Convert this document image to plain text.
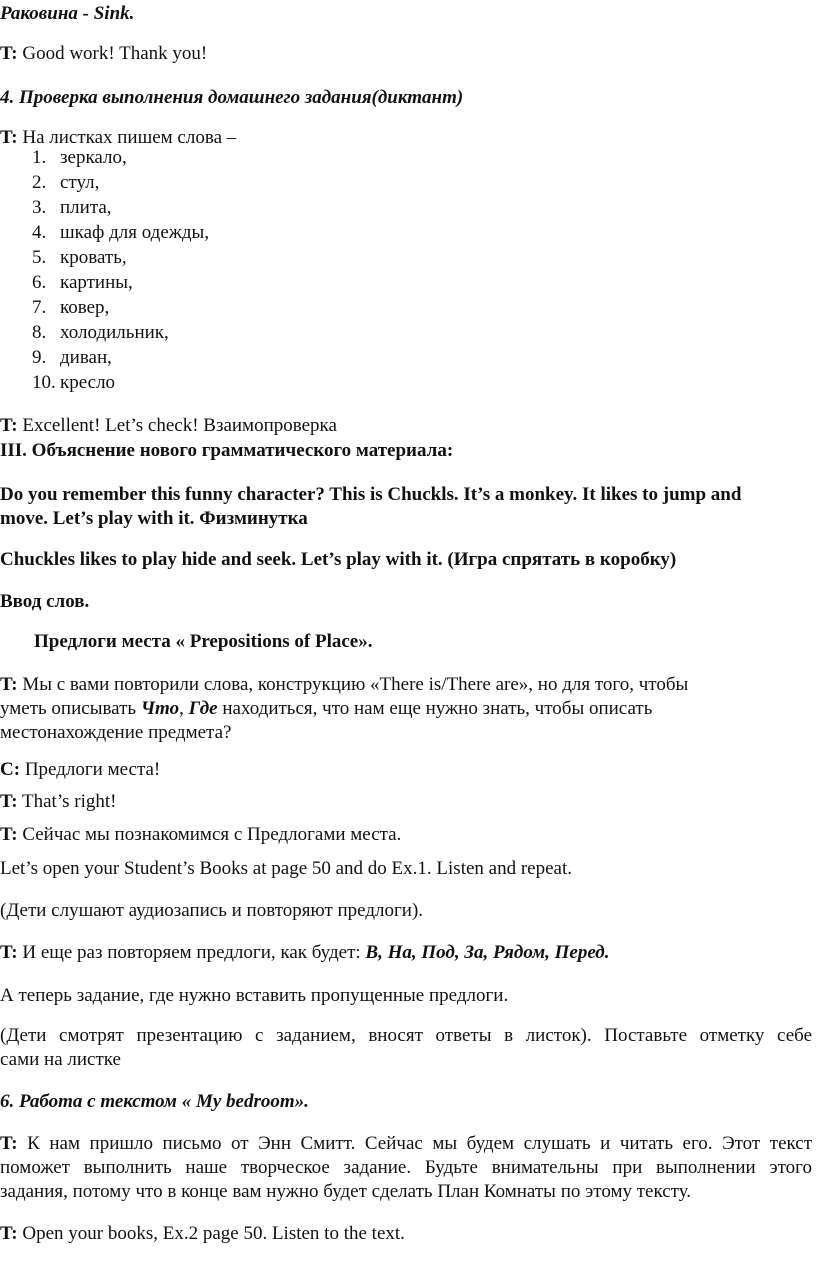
Раковина - Sink.
T: Good work! Thank you!
4. Проверка выполнения домашнего задания(диктант)
T: На листках пишем слова –
1. зеркало,
2. стул,
3. плита,
4. шкаф для одежды,
5. кровать,
6. картины,
7. ковер,
8. холодильник,
9. диван,
10. кресло
T: Excellent! Let’s check! Взаимопроверка
III. Объяснение нового грамматического материала:
Do you remember this funny character? This is Chuckls. It’s a monkey. It likes to jump and
move. Let’s play with it. Физминутка
Chuckles likes to play hide and seek. Let’s play with it. (Игра спрятать в коробку)
Ввод слов.
Предлоги места « Prepositions of Place».
T: Мы с вами повторили слова, конструкцию «There is/There are», но для того, чтобы
уметь описывать Что, Где находиться, что нам еще нужно знать, чтобы описать
местонахождение предмета?
C: Предлоги места!
T: That’s right!
T: Сейчас мы познакомимся с Предлогами места.
Let’s open your Student’s Books at page 50 and do Ex.1. Listen and repeat.
(Дети слушают аудиозапись и повторяют предлоги).
T: И еще раз повторяем предлоги, как будет: В, На, Под, За, Рядом, Перед.
А теперь задание, где нужно вставить пропущенные предлоги.
(Дети смотрят презентацию с заданием, вносят ответы в листок). Поставьте отметку себе
сами на листке
6. Работа с текстом « My bedroom».
T: К нам пришло письмо от Энн Смитт. Сейчас мы будем слушать и читать его. Этот текст
поможет выполнить наше творческое задание. Будьте внимательны при выполнении этого
задания, потому что в конце вам нужно будет сделать План Комнаты по этому тексту.
T: Open your books, Ex.2 page 50. Listen to the text.
